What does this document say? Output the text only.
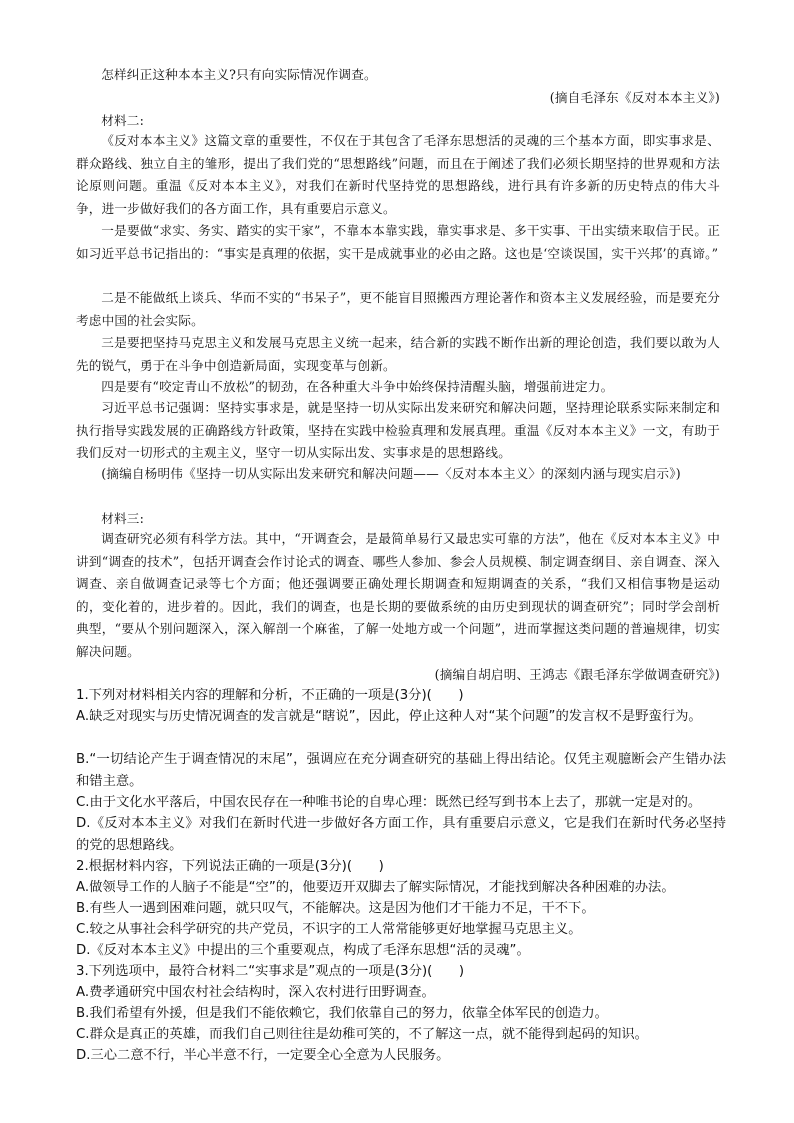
怎样纠正这种本本主义?只有向实际情况作调查。

(摘自毛泽东《反对本本主义》)

材料二:

《反对本本主义》这篇文章的重要性，不仅在于其包含了毛泽东思想活的灵魂的三个基本方面，即实事求是、群众路线、独立自主的雏形，提出了我们党的“思想路线”问题，而且在于阐述了我们必须长期坚持的世界观和方法论原则问题。重温《反对本本主义》，对我们在新时代坚持党的思想路线，进行具有许多新的历史特点的伟大斗争，进一步做好我们的各方面工作，具有重要启示意义。

一是要做“求实、务实、踏实的实干家”，不靠本本靠实践，靠实事求是、多干实事、干出实绩来取信于民。正如习近平总书记指出的：“事实是真理的依据，实干是成就事业的必由之路。这也是‘空谈误国，实干兴邦’的真谛。”

二是不能做纸上谈兵、华而不实的“书呆子”，更不能盲目照搬西方理论著作和资本主义发展经验，而是要充分考虑中国的社会实际。

三是要把坚持马克思主义和发展马克思主义统一起来，结合新的实践不断作出新的理论创造，我们要以敢为人先的锐气，勇于在斗争中创造新局面，实现变革与创新。

四是要有“咬定青山不放松”的韧劲，在各种重大斗争中始终保持清醒头脑，增强前进定力。

习近平总书记强调：坚持实事求是，就是坚持一切从实际出发来研究和解决问题，坚持理论联系实际来制定和执行指导实践发展的正确路线方针政策，坚持在实践中检验真理和发展真理。重温《反对本本主义》一文，有助于我们反对一切形式的主观主义，坚守一切从实际出发、实事求是的思想路线。

(摘编自杨明伟《坚持一切从实际出发来研究和解决问题——〈反对本本主义〉的深刻内涵与现实启示》)

材料三:

调查研究必须有科学方法。其中，“开调查会，是最简单易行又最忠实可靠的方法”，他在《反对本本主义》中讲到“调查的技术”，包括开调查会作讨论式的调查、哪些人参加、参会人员规模、制定调查纲目、亲自调查、深入调查、亲自做调查记录等七个方面；他还强调要正确处理长期调查和短期调查的关系，“我们又相信事物是运动的，变化着的，进步着的。因此，我们的调查，也是长期的要做系统的由历史到现状的调查研究”；同时学会剖析典型，“要从个别问题深入，深入解剖一个麻雀，了解一处地方或一个问题”，进而掌握这类问题的普遍规律，切实解决问题。

(摘编自胡启明、王鸿志《跟毛泽东学做调查研究》)

1.下列对材料相关内容的理解和分析，不正确的一项是(3分)(　　)

A.缺乏对现实与历史情况调查的发言就是“瞎说”，因此，停止这种人对“某个问题”的发言权不是野蛮行为。

B.“一切结论产生于调查情况的末尾”，强调应在充分调查研究的基础上得出结论。仅凭主观臆断会产生错办法和错主意。

C.由于文化水平落后，中国农民存在一种唯书论的自卑心理：既然已经写到书本上去了，那就一定是对的。

D.《反对本本主义》对我们在新时代进一步做好各方面工作，具有重要启示意义，它是我们在新时代务必坚持的党的思想路线。

2.根据材料内容，下列说法正确的一项是(3分)(　　)

A.做领导工作的人脑子不能是“空”的，他要迈开双脚去了解实际情况，才能找到解决各种困难的办法。

B.有些人一遇到困难问题，就只叹气，不能解决。这是因为他们才干能力不足，干不下。

C.较之从事社会科学研究的共产党员，不识字的工人常常能够更好地掌握马克思主义。

D.《反对本本主义》中提出的三个重要观点，构成了毛泽东思想“活的灵魂”。

3.下列选项中，最符合材料二“实事求是”观点的一项是(3分)(　　)

A.费孝通研究中国农村社会结构时，深入农村进行田野调查。

B.我们希望有外援，但是我们不能依赖它，我们依靠自己的努力，依靠全体军民的创造力。

C.群众是真正的英雄，而我们自己则往往是幼稚可笑的，不了解这一点，就不能得到起码的知识。

D.三心二意不行，半心半意不行，一定要全心全意为人民服务。
